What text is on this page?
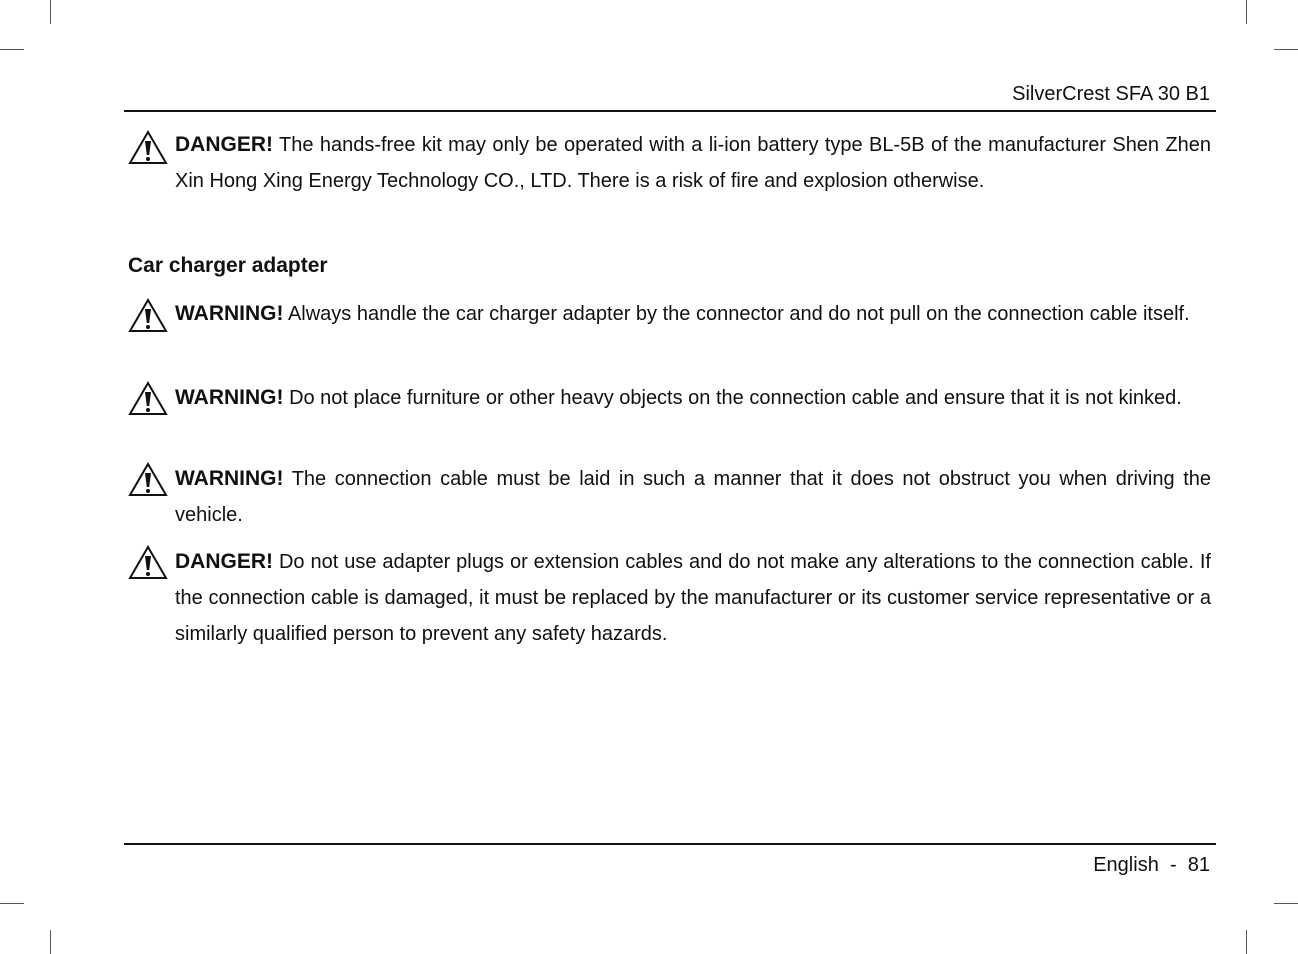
SilverCrest SFA 30 B1
DANGER! The hands-free kit may only be operated with a li-ion battery type BL-5B of the manufacturer Shen Zhen Xin Hong Xing Energy Technology CO., LTD. There is a risk of fire and explosion otherwise.
Car charger adapter
WARNING! Always handle the car charger adapter by the connector and do not pull on the connection cable itself.
WARNING! Do not place furniture or other heavy objects on the connection cable and ensure that it is not kinked.
WARNING! The connection cable must be laid in such a manner that it does not obstruct you when driving the vehicle.
DANGER! Do not use adapter plugs or extension cables and do not make any alterations to the connection cable. If the connection cable is damaged, it must be replaced by the manufacturer or its customer service representative or a similarly qualified person to prevent any safety hazards.
English - 81
